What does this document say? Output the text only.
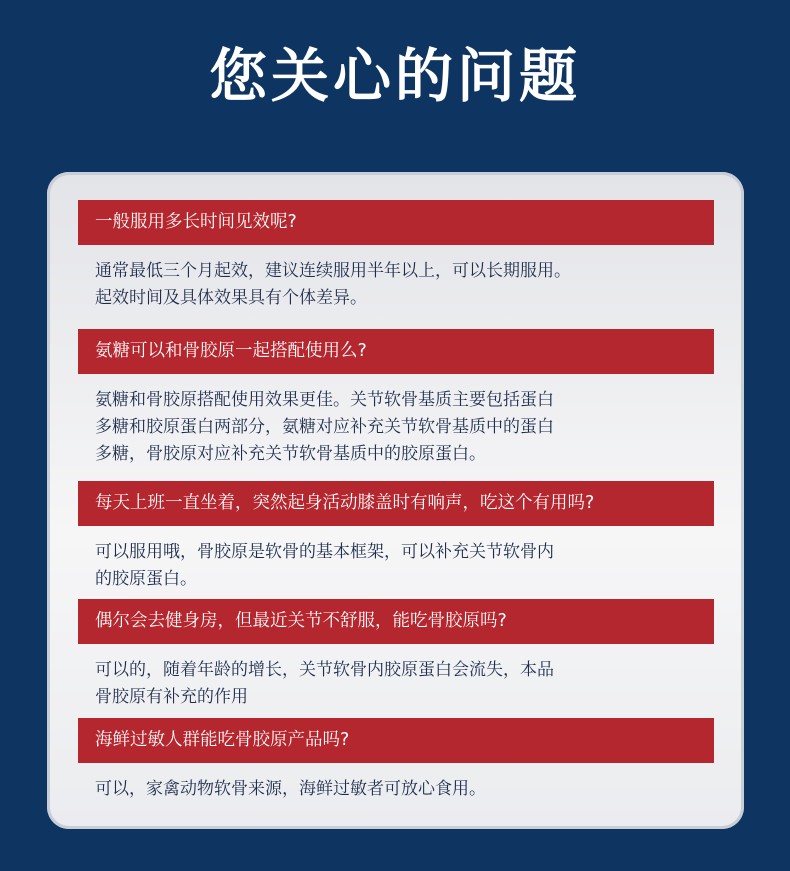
您关心的问题
一般服用多长时间见效呢?
通常最低三个月起效，建议连续服用半年以上，可以长期服用。
起效时间及具体效果具有个体差异。
氨糖可以和骨胶原一起搭配使用么?
氨糖和骨胶原搭配使用效果更佳。关节软骨基质主要包括蛋白
多糖和胶原蛋白两部分，氨糖对应补充关节软骨基质中的蛋白
多糖，骨胶原对应补充关节软骨基质中的胶原蛋白。
每天上班一直坐着，突然起身活动膝盖时有响声，吃这个有用吗?
可以服用哦，骨胶原是软骨的基本框架，可以补充关节软骨内
的胶原蛋白。
偶尔会去健身房，但最近关节不舒服，能吃骨胶原吗?
可以的，随着年龄的增长，关节软骨内胶原蛋白会流失，本品
骨胶原有补充的作用
海鲜过敏人群能吃骨胶原产品吗?
可以，家禽动物软骨来源，海鲜过敏者可放心食用。
